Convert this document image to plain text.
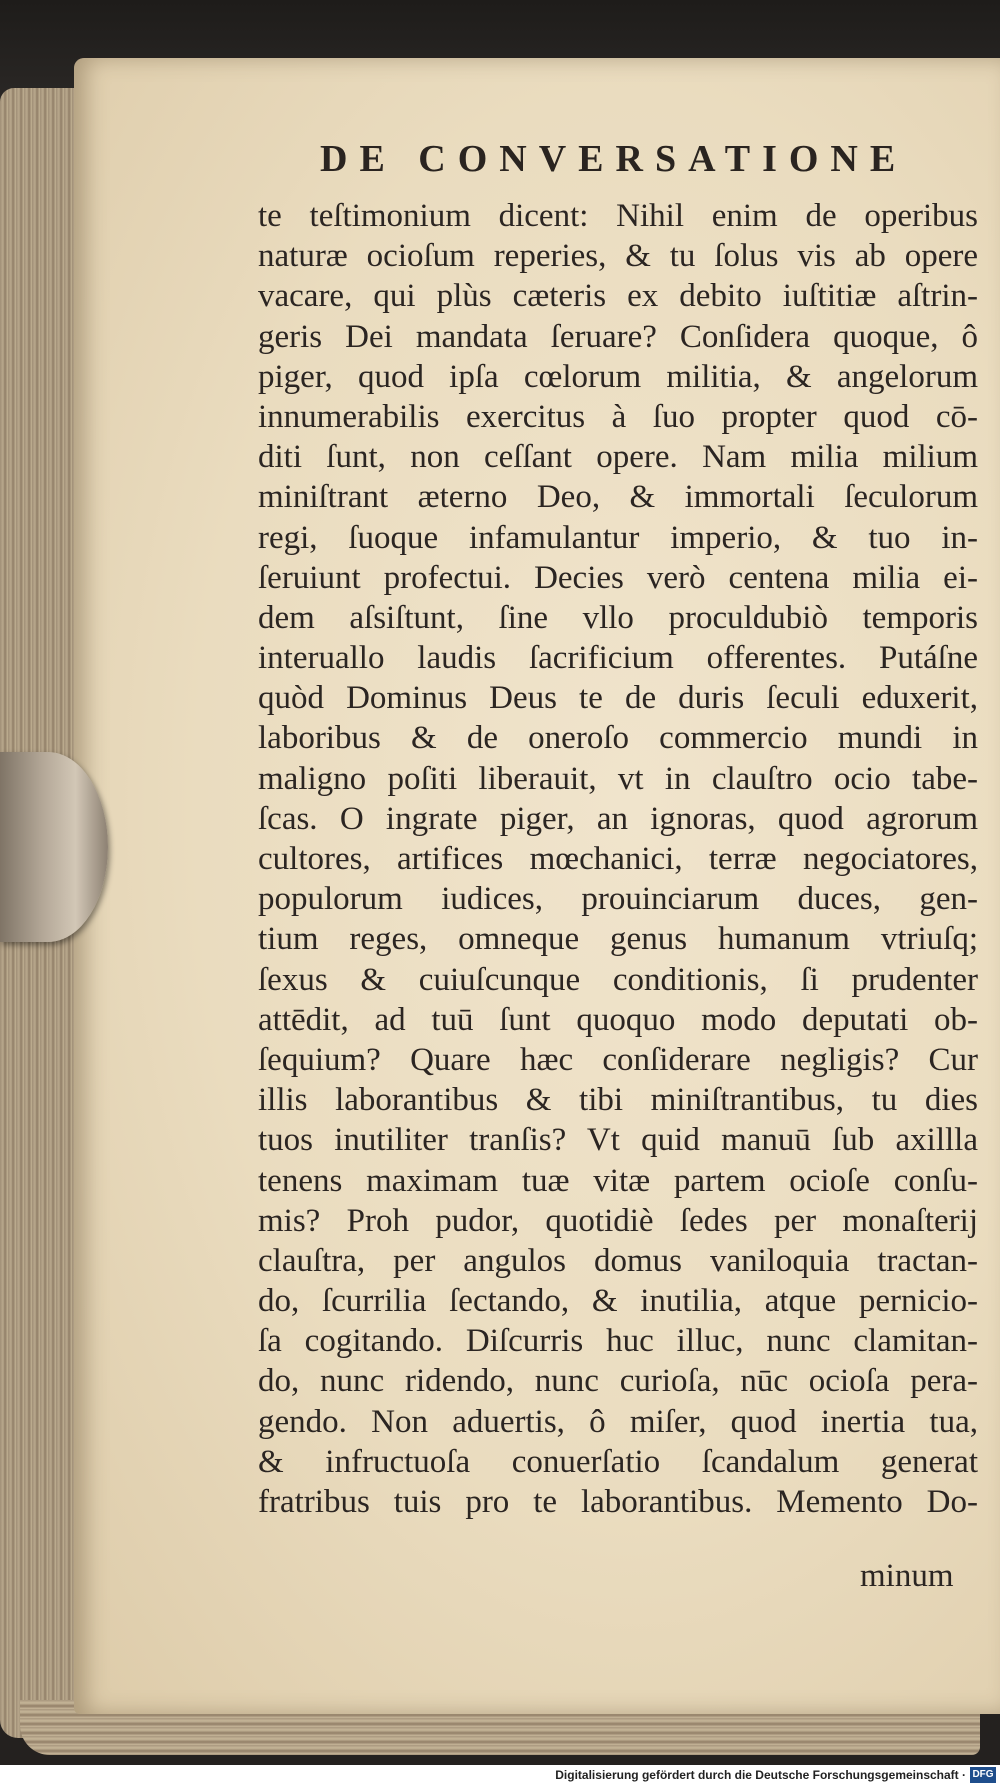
DE CONVERSATIONE
te teſtimonium dicent: Nihil enim de operibus
naturæ ocioſum reperies, & tu ſolus vis ab opere
vacare, qui plùs cæteris ex debito iuſtitiæ aſtrin-
geris Dei mandata ſeruare? Conſidera quoque, ô
piger, quod ipſa cœlorum militia, & angelorum
innumerabilis exercitus à ſuo propter quod cō-
diti ſunt, non ceſſant opere. Nam milia milium
miniſtrant æterno Deo, & immortali ſeculorum
regi, ſuoque infamulantur imperio, & tuo in-
ſeruiunt profectui. Decies verò centena milia ei-
dem aſsiſtunt, ſine vllo proculdubiò temporis
interuallo laudis ſacrificium offerentes. Putáſne
quòd Dominus Deus te de duris ſeculi eduxerit,
laboribus & de oneroſo commercio mundi in
maligno poſiti liberauit, vt in clauſtro ocio tabe-
ſcas. O ingrate piger, an ignoras, quod agrorum
cultores, artifices mœchanici, terræ negociatores,
populorum iudices, prouinciarum duces, gen-
tium reges, omneque genus humanum vtriuſq;
ſexus & cuiuſcunque conditionis, ſi prudenter
attēdit, ad tuū ſunt quoquo modo deputati ob-
ſequium? Quare hæc conſiderare negligis? Cur
illis laborantibus & tibi miniſtrantibus, tu dies
tuos inutiliter tranſis? Vt quid manuū ſub axillla
tenens maximam tuæ vitæ partem ocioſe conſu-
mis? Proh pudor, quotidiè ſedes per monaſterij
clauſtra, per angulos domus vaniloquia tractan-
do, ſcurrilia ſectando, & inutilia, atque pernicio-
ſa cogitando. Diſcurris huc illuc, nunc clamitan-
do, nunc ridendo, nunc curioſa, nūc ocioſa pera-
gendo. Non aduertis, ô miſer, quod inertia tua,
& infructuoſa conuerſatio ſcandalum generat
fratribus tuis pro te laborantibus. Memento Do-
minum
Digitalisierung gefördert durch die Deutsche Forschungsgemeinschaft · DFG
